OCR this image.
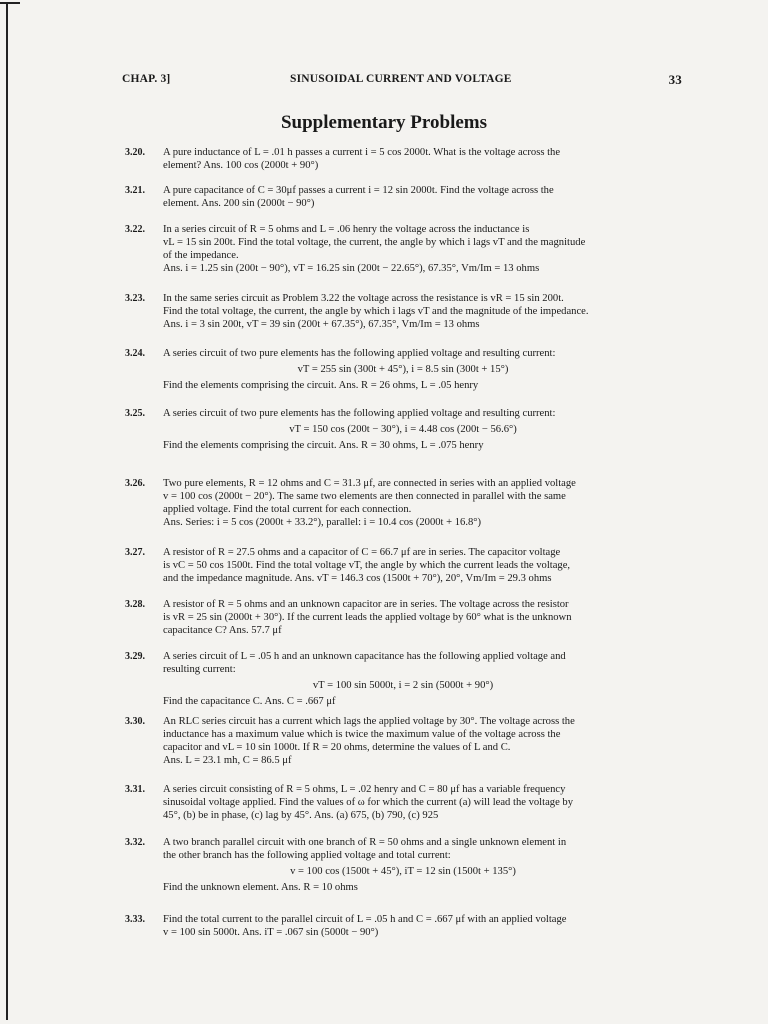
CHAP. 3]	SINUSOIDAL CURRENT AND VOLTAGE	33
Supplementary Problems
3.20. A pure inductance of L = .01 h passes a current i = 5 cos 2000t. What is the voltage across the
element? Ans. 100 cos (2000t + 90°)
3.21. A pure capacitance of C = 30μf passes a current i = 12 sin 2000t. Find the voltage across the
element. Ans. 200 sin (2000t − 90°)
3.22. In a series circuit of R = 5 ohms and L = .06 henry the voltage across the inductance is
vL = 15 sin 200t. Find the total voltage, the current, the angle by which i lags vT and the magnitude
of the impedance.
Ans. i = 1.25 sin (200t − 90°), vT = 16.25 sin (200t − 22.65°), 67.35°, Vm/Im = 13 ohms
3.23. In the same series circuit as Problem 3.22 the voltage across the resistance is vR = 15 sin 200t.
Find the total voltage, the current, the angle by which i lags vT and the magnitude of the impedance.
Ans. i = 3 sin 200t, vT = 39 sin (200t + 67.35°), 67.35°, Vm/Im = 13 ohms
3.24. A series circuit of two pure elements has the following applied voltage and resulting current:
vT = 255 sin (300t + 45°), i = 8.5 sin (300t + 15°)
Find the elements comprising the circuit. Ans. R = 26 ohms, L = .05 henry
3.25. A series circuit of two pure elements has the following applied voltage and resulting current:
vT = 150 cos (200t − 30°), i = 4.48 cos (200t − 56.6°)
Find the elements comprising the circuit. Ans. R = 30 ohms, L = .075 henry
3.26. Two pure elements, R = 12 ohms and C = 31.3 μf, are connected in series with an applied voltage
v = 100 cos (2000t − 20°). The same two elements are then connected in parallel with the same
applied voltage. Find the total current for each connection.
Ans. Series: i = 5 cos (2000t + 33.2°), parallel: i = 10.4 cos (2000t + 16.8°)
3.27. A resistor of R = 27.5 ohms and a capacitor of C = 66.7 μf are in series. The capacitor voltage
is vC = 50 cos 1500t. Find the total voltage vT, the angle by which the current leads the voltage,
and the impedance magnitude. Ans. vT = 146.3 cos (1500t + 70°), 20°, Vm/Im = 29.3 ohms
3.28. A resistor of R = 5 ohms and an unknown capacitor are in series. The voltage across the resistor
is vR = 25 sin (2000t + 30°). If the current leads the applied voltage by 60° what is the unknown
capacitance C? Ans. 57.7 μf
3.29. A series circuit of L = .05 h and an unknown capacitance has the following applied voltage and
resulting current:
vT = 100 sin 5000t, i = 2 sin (5000t + 90°)
Find the capacitance C. Ans. C = .667 μf
3.30. An RLC series circuit has a current which lags the applied voltage by 30°. The voltage across the
inductance has a maximum value which is twice the maximum value of the voltage across the
capacitor and vL = 10 sin 1000t. If R = 20 ohms, determine the values of L and C.
Ans. L = 23.1 mh, C = 86.5 μf
3.31. A series circuit consisting of R = 5 ohms, L = .02 henry and C = 80 μf has a variable frequency
sinusoidal voltage applied. Find the values of ω for which the current (a) will lead the voltage by
45°, (b) be in phase, (c) lag by 45°. Ans. (a) 675, (b) 790, (c) 925
3.32. A two branch parallel circuit with one branch of R = 50 ohms and a single unknown element in
the other branch has the following applied voltage and total current:
v = 100 cos (1500t + 45°), iT = 12 sin (1500t + 135°)
Find the unknown element. Ans. R = 10 ohms
3.33. Find the total current to the parallel circuit of L = .05 h and C = .667 μf with an applied voltage
v = 100 sin 5000t. Ans. iT = .067 sin (5000t − 90°)
